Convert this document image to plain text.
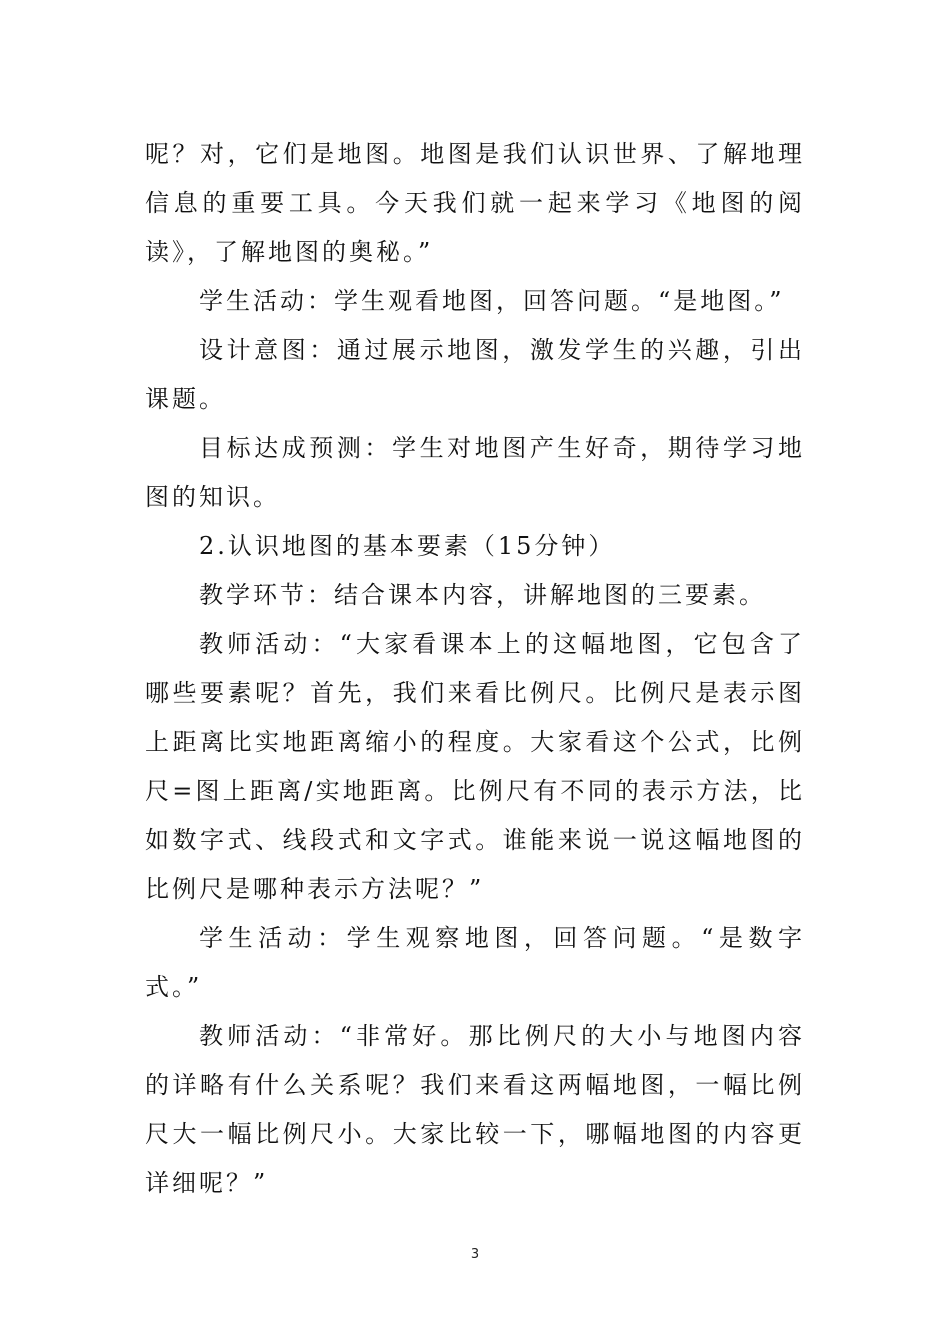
呢？对，它们是地图。地图是我们认识世界、了解地理信息的重要工具。今天我们就一起来学习《地图的阅读》，了解地图的奥秘。”

学生活动：学生观看地图，回答问题。“是地图。”

设计意图：通过展示地图，激发学生的兴趣，引出课题。

目标达成预测：学生对地图产生好奇，期待学习地图的知识。

2.认识地图的基本要素（15分钟）

教学环节：结合课本内容，讲解地图的三要素。

教师活动：“大家看课本上的这幅地图，它包含了哪些要素呢？首先，我们来看比例尺。比例尺是表示图上距离比实地距离缩小的程度。大家看这个公式，比例尺=图上距离/实地距离。比例尺有不同的表示方法，比如数字式、线段式和文字式。谁能来说一说这幅地图的比例尺是哪种表示方法呢？”

学生活动：学生观察地图，回答问题。“是数字式。”

教师活动：“非常好。那比例尺的大小与地图内容的详略有什么关系呢？我们来看这两幅地图，一幅比例尺大一幅比例尺小。大家比较一下，哪幅地图的内容更详细呢？”

3
